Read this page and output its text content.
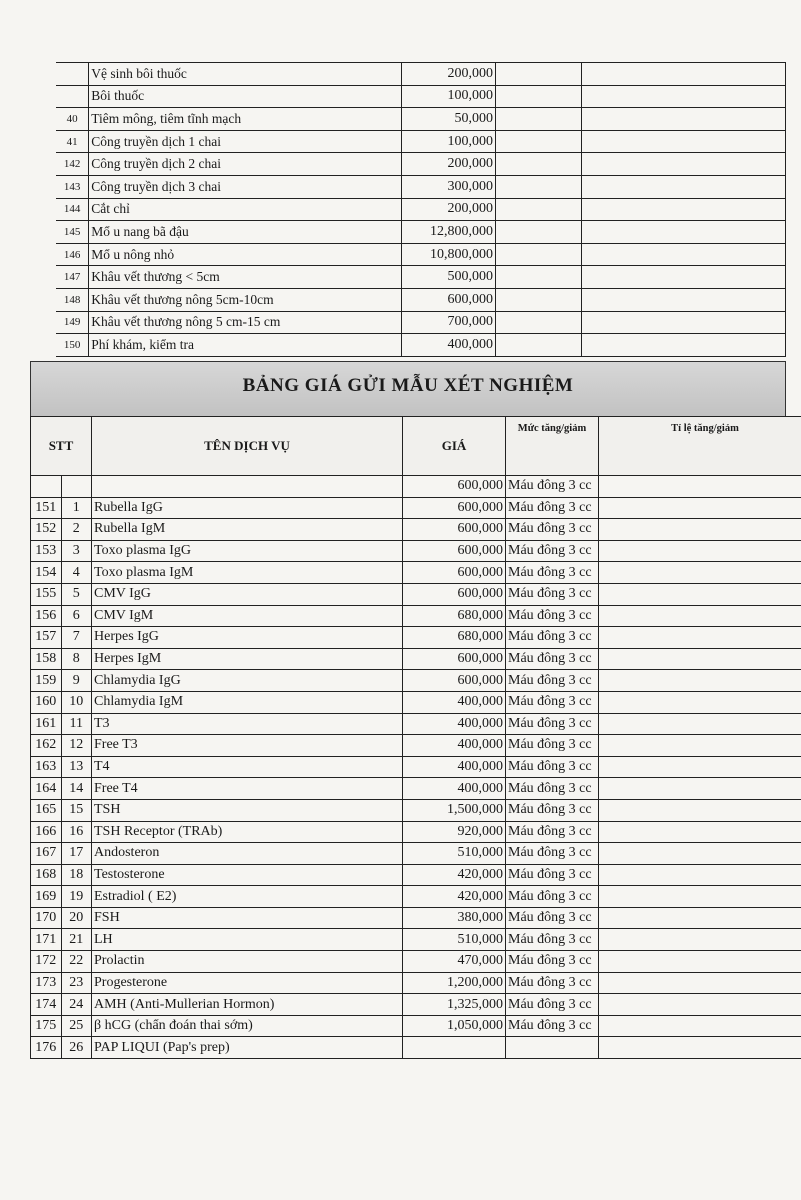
	Vệ sinh bôi thuốc	200,000		
	Bôi thuốc	100,000		
40	Tiêm mông, tiêm tĩnh mạch	50,000		
41	Công truyền dịch 1 chai	100,000		
142	Công truyền dịch 2 chai	200,000		
143	Công truyền dịch 3 chai	300,000		
144	Cắt chỉ	200,000		
145	Mổ u nang bã đậu	12,800,000		
146	Mổ u nông nhỏ	10,800,000		
147	Khâu vết thương < 5cm	500,000		
148	Khâu vết thương nông 5cm-10cm	600,000		
149	Khâu vết thương nông 5 cm-15 cm	700,000		
150	Phí khám, kiểm tra	400,000		
BẢNG GIÁ GỬI MẪU XÉT NGHIỆM
STT		TÊN DỊCH VỤ	GIÁ	Mức tăng/giảm	Tỉ lệ tăng/giảm
			600,000	Máu đông 3 cc	
151	1	Rubella IgG	600,000	Máu đông 3 cc	
152	2	Rubella IgM	600,000	Máu đông 3 cc	
153	3	Toxo plasma IgG	600,000	Máu đông 3 cc	
154	4	Toxo plasma IgM	600,000	Máu đông 3 cc	
155	5	CMV IgG	600,000	Máu đông 3 cc	
156	6	CMV IgM	680,000	Máu đông 3 cc	
157	7	Herpes IgG	680,000	Máu đông 3 cc	
158	8	Herpes IgM	600,000	Máu đông 3 cc	
159	9	Chlamydia IgG	600,000	Máu đông 3 cc	
160	10	Chlamydia IgM	400,000	Máu đông 3 cc	
161	11	T3	400,000	Máu đông 3 cc	
162	12	Free T3	400,000	Máu đông 3 cc	
163	13	T4	400,000	Máu đông 3 cc	
164	14	Free T4	400,000	Máu đông 3 cc	
165	15	TSH	1,500,000	Máu đông 3 cc	
166	16	TSH Receptor (TRAb)	920,000	Máu đông 3 cc	
167	17	Andosteron	510,000	Máu đông 3 cc	
168	18	Testosterone	420,000	Máu đông 3 cc	
169	19	Estradiol ( E2)	420,000	Máu đông 3 cc	
170	20	FSH	380,000	Máu đông 3 cc	
171	21	LH	510,000	Máu đông 3 cc	
172	22	Prolactin	470,000	Máu đông 3 cc	
173	23	Progesterone	1,200,000	Máu đông 3 cc	
174	24	AMH (Anti-Mullerian Hormon)	1,325,000	Máu đông 3 cc	
175	25	β hCG (chẩn đoán thai sớm)	1,050,000	Máu đông 3 cc	
176	26	PAP LIQUI (Pap's prep)			
